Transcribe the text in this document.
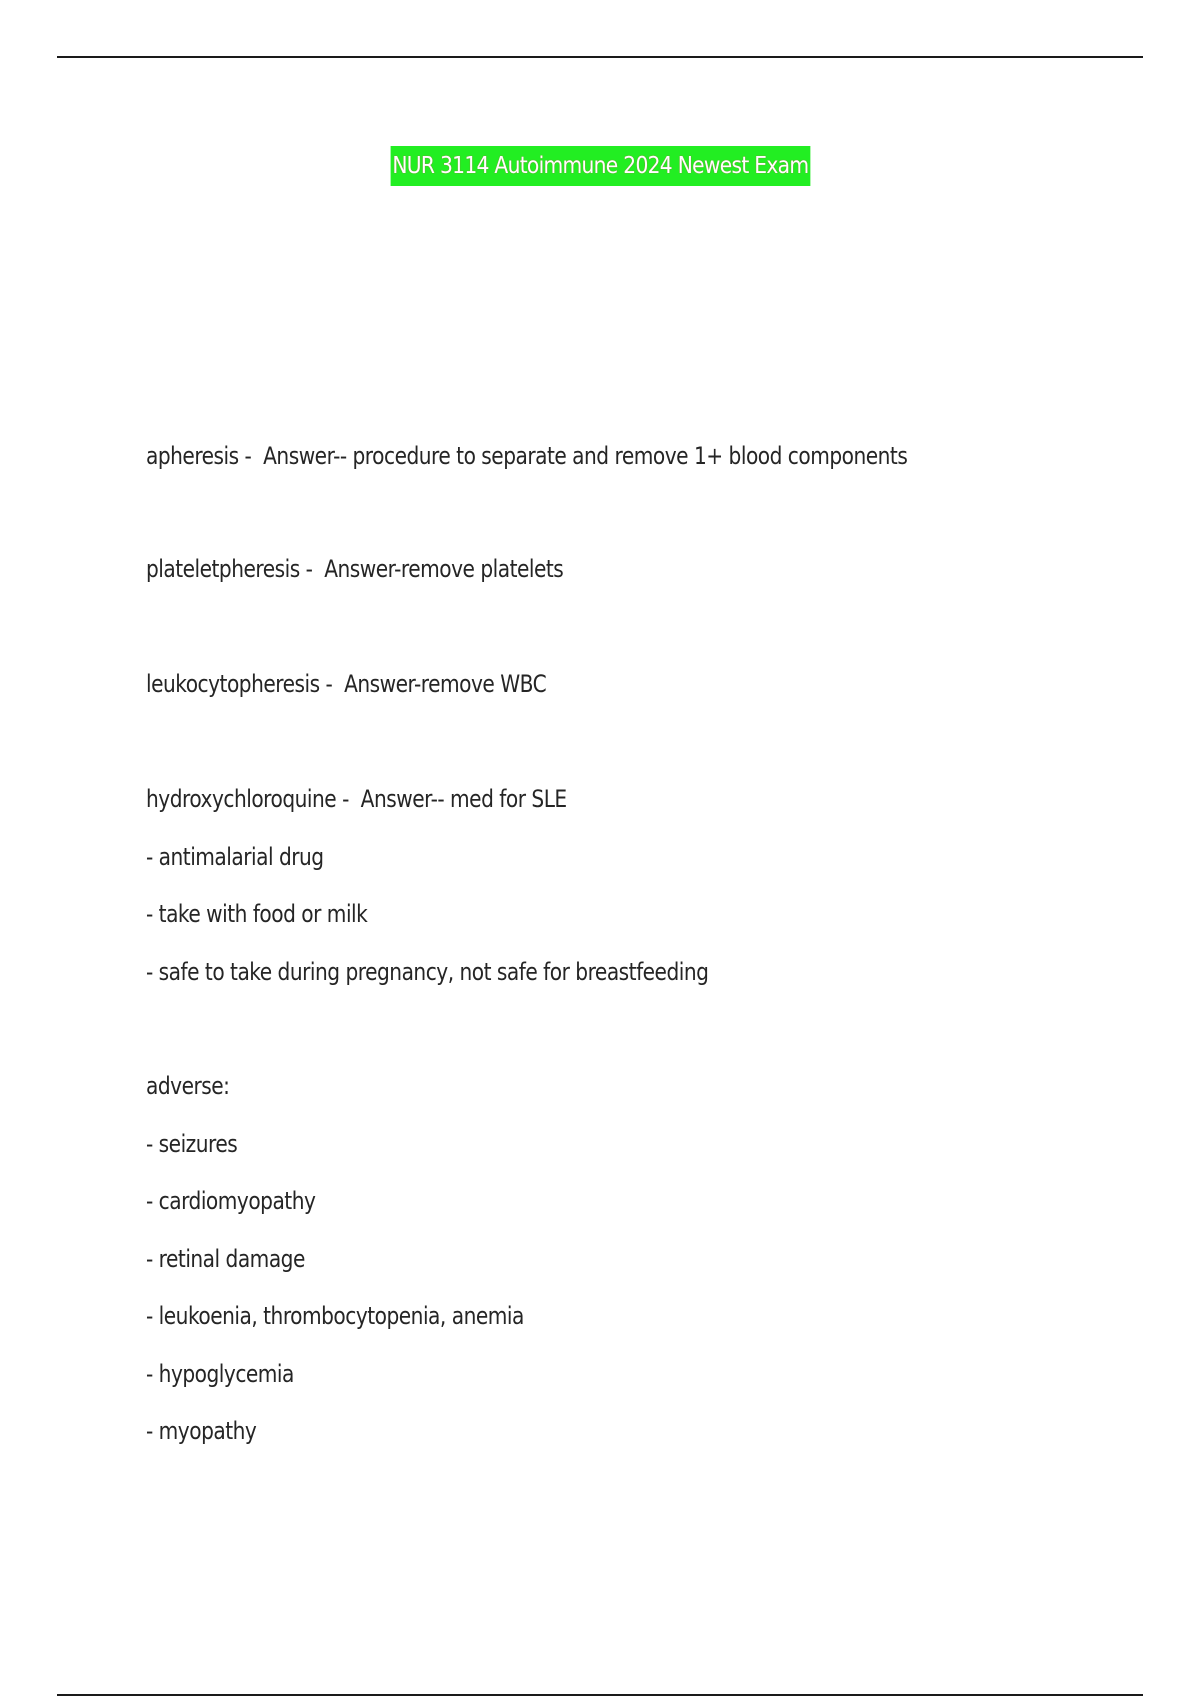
NUR 3114 Autoimmune 2024 Newest Exam
apheresis -  Answer-- procedure to separate and remove 1+ blood components
plateletpheresis -  Answer-remove platelets
leukocytopheresis -  Answer-remove WBC
hydroxychloroquine -  Answer-- med for SLE
- antimalarial drug
- take with food or milk
- safe to take during pregnancy, not safe for breastfeeding
adverse:
- seizures
- cardiomyopathy
- retinal damage
- leukoenia, thrombocytopenia, anemia
- hypoglycemia
- myopathy
